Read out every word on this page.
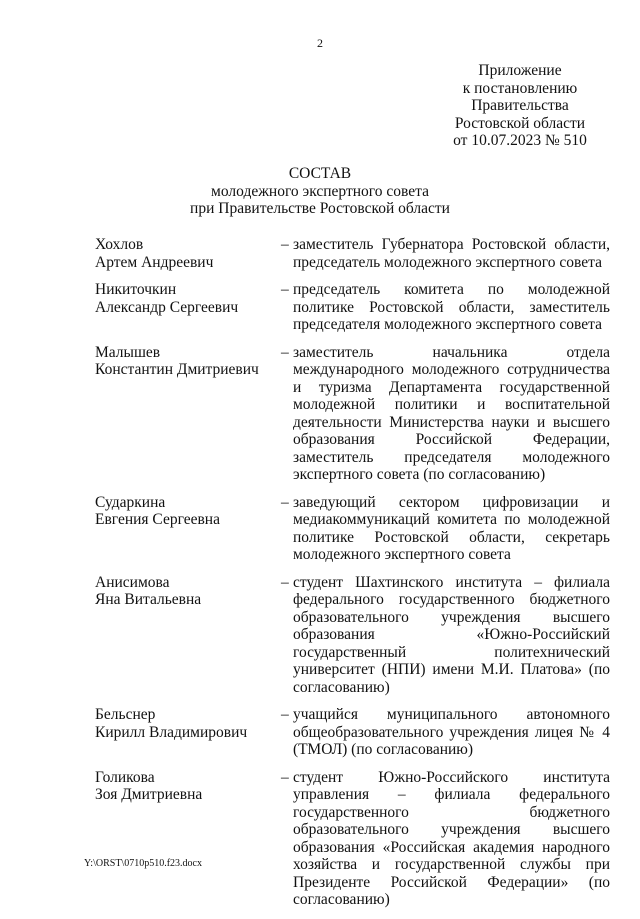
2
Приложение
к постановлению
Правительства
Ростовской области
от 10.07.2023 № 510
СОСТАВ
молодежного экспертного совета
при Правительстве Ростовской области
Хохлов
Артем Андреевич
– заместитель Губернатора Ростовской области, председатель молодежного экспертного совета
Никиточкин
Александр Сергеевич
– председатель комитета по молодежной политике Ростовской области, заместитель председателя молодежного экспертного совета
Малышев
Константин Дмитриевич
– заместитель начальника отдела международного молодежного сотрудничества и туризма Департамента государственной молодежной политики и воспитательной деятельности Министерства науки и высшего образования Российской Федерации, заместитель председателя молодежного экспертного совета (по согласованию)
Сударкина
Евгения Сергеевна
– заведующий сектором цифровизации и медиакоммуникаций комитета по молодежной политике Ростовской области, секретарь молодежного экспертного совета
Анисимова
Яна Витальевна
– студент Шахтинского института – филиала федерального государственного бюджетного образовательного учреждения высшего образования «Южно-Российский государственный политехнический университет (НПИ) имени М.И. Платова» (по согласованию)
Бельснер
Кирилл Владимирович
– учащийся муниципального автономного общеобразовательного учреждения лицея № 4 (ТМОЛ) (по согласованию)
Голикова
Зоя Дмитриевна
– студент Южно-Российского института управления – филиала федерального государственного бюджетного образовательного учреждения высшего образования «Российская академия народного хозяйства и государственной службы при Президенте Российской Федерации» (по согласованию)
Y:\ORST\0710p510.f23.docx
